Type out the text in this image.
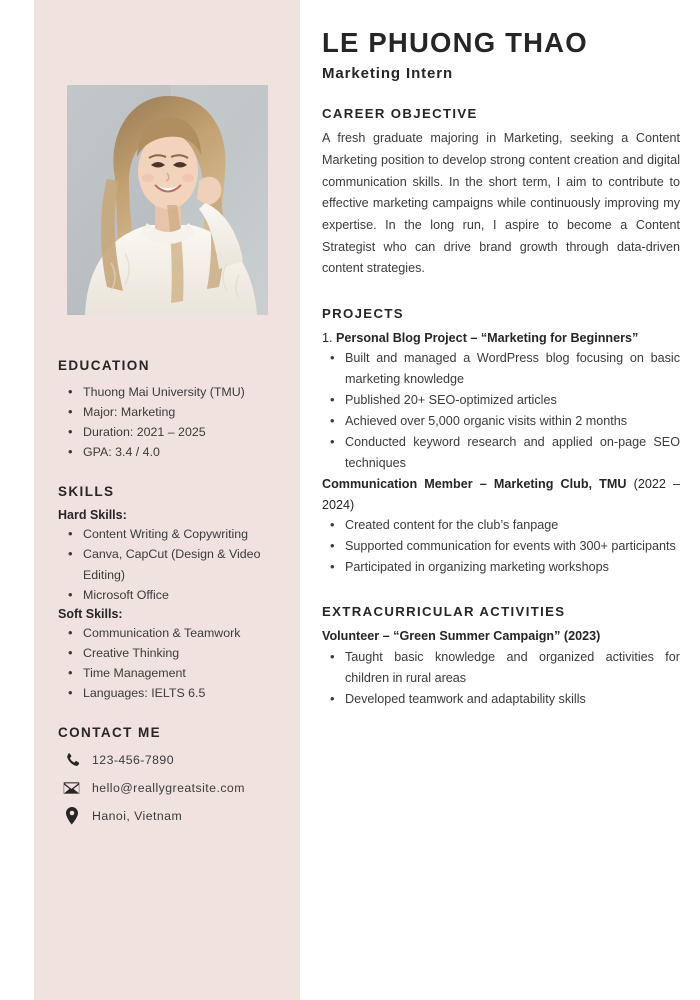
EDUCATION
• Thuong Mai University (TMU)
• Major: Marketing
• Duration: 2021 – 2025
• GPA: 3.4 / 4.0
SKILLS
Hard Skills:
• Content Writing & Copywriting
• Canva, CapCut (Design & Video Editing)
• Microsoft Office
Soft Skills:
• Communication & Teamwork
• Creative Thinking
• Time Management
• Languages: IELTS 6.5
CONTACT ME
123-456-7890
hello@reallygreatsite.com
Hanoi, Vietnam
LE PHUONG THAO
Marketing Intern
CAREER OBJECTIVE
A fresh graduate majoring in Marketing, seeking a Content Marketing position to develop strong content creation and digital communication skills. In the short term, I aim to contribute to effective marketing campaigns while continuously improving my expertise. In the long run, I aspire to become a Content Strategist who can drive brand growth through data-driven content strategies.
PROJECTS
1. Personal Blog Project – “Marketing for Beginners”
• Built and managed a WordPress blog focusing on basic marketing knowledge
• Published 20+ SEO-optimized articles
• Achieved over 5,000 organic visits within 2 months
• Conducted keyword research and applied on-page SEO techniques
Communication Member – Marketing Club, TMU (2022 – 2024)
• Created content for the club’s fanpage
• Supported communication for events with 300+ participants
• Participated in organizing marketing workshops
EXTRACURRICULAR ACTIVITIES
Volunteer – “Green Summer Campaign” (2023)
• Taught basic knowledge and organized activities for children in rural areas
• Developed teamwork and adaptability skills
